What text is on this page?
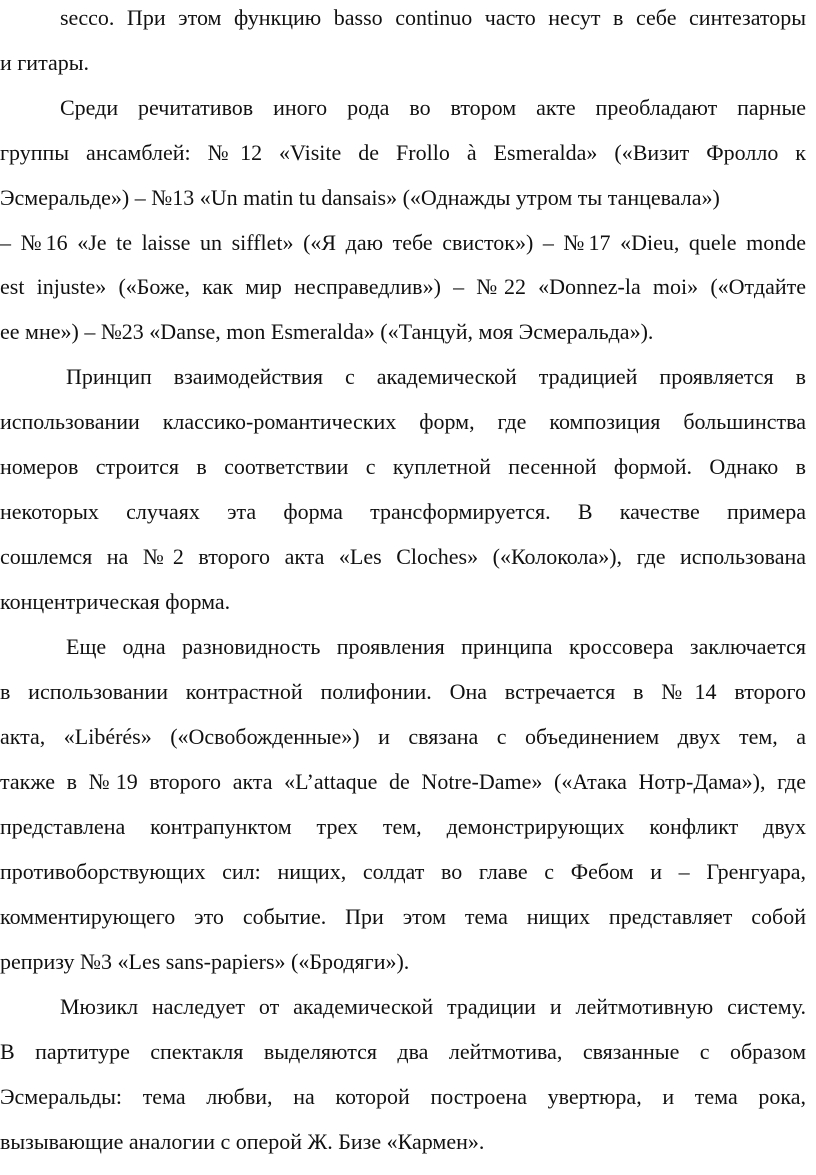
secco. При этом функцию basso continuo часто несут в себе синтезаторы
и гитары.
Среди речитативов иного рода во втором акте преобладают парные
группы ансамблей: №12 «Visite de Frollo à Esmeralda» («Визит Фролло к
Эсмеральде») – №13 «Un matin tu dansais» («Однажды утром ты танцевала»)
– №16 «Je te laisse un sifflet» («Я даю тебе свисток») – №17 «Dieu, quele monde
est injuste» («Боже, как мир несправедлив») – №22 «Donnez-la moi» («Отдайте
ее мне») – №23 «Danse, mon Esmeralda» («Танцуй, моя Эсмеральда»).
Принцип взаимодействия с академической традицией проявляется в
использовании классико-романтических форм, где композиция большинства
номеров строится в соответствии с куплетной песенной формой. Однако в
некоторых случаях эта форма трансформируется. В качестве примера
сошлемся на №2 второго акта «Les Cloches» («Колокола»), где использована
концентрическая форма.
Еще одна разновидность проявления принципа кроссовера заключается
в использовании контрастной полифонии. Она встречается в №14 второго
акта, «Libérés» («Освобожденные») и связана с объединением двух тем, а
также в №19 второго акта «L’attaque de Notre-Dame» («Атака Нотр-Дама»), где
представлена контрапунктом трех тем, демонстрирующих конфликт двух
противоборствующих сил: нищих, солдат во главе с Фебом и – Гренгуара,
комментирующего это событие. При этом тема нищих представляет собой
репризу №3 «Les sans-papiers» («Бродяги»).
Мюзикл наследует от академической традиции и лейтмотивную систему.
В партитуре спектакля выделяются два лейтмотива, связанные с образом
Эсмеральды: тема любви, на которой построена увертюра, и тема рока,
вызывающие аналогии с оперой Ж. Бизе «Кармен».
